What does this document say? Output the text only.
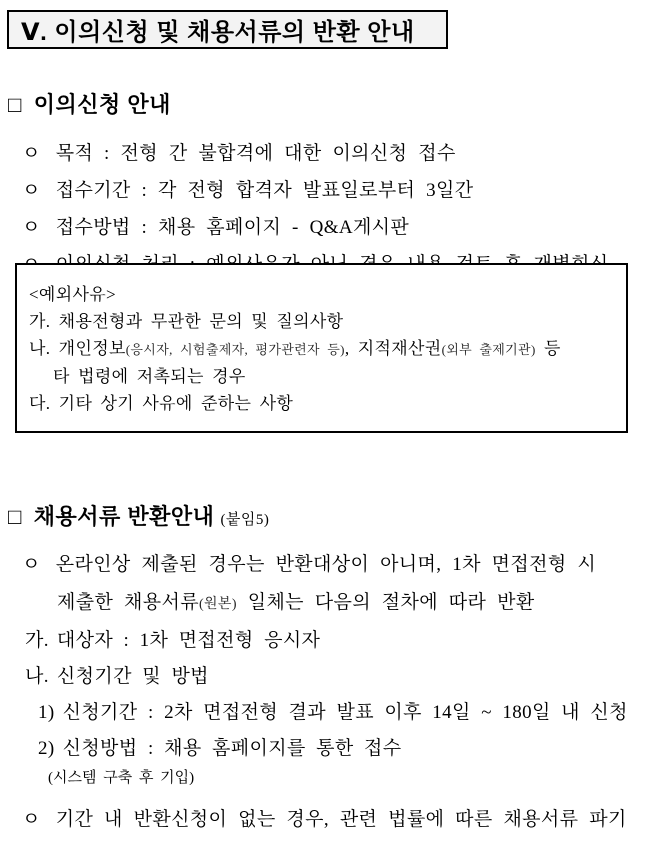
Ⅴ. 이의신청 및 채용서류의 반환 안내
□ 이의신청 안내
ㅇ 목적 : 전형 간 불합격에 대한 이의신청 접수
ㅇ 접수기간 : 각 전형 합격자 발표일로부터 3일간
ㅇ 접수방법 : 채용 홈페이지 - Q&A게시판
<예외사유>
가. 채용전형과 무관한 문의 및 질의사항
나. 개인정보(응시자, 시험출제자, 평가관련자 등), 지적재산권(외부 출제기관) 등
타 법령에 저촉되는 경우
다. 기타 상기 사유에 준하는 사항
□ 채용서류 반환안내 (붙임5)
ㅇ 온라인상 제출된 경우는 반환대상이 아니며, 1차 면접전형 시
제출한 채용서류(원본) 일체는 다음의 절차에 따라 반환
가. 대상자 : 1차 면접전형 응시자
나. 신청기간 및 방법
1) 신청기간 : 2차 면접전형 결과 발표 이후 14일 ~ 180일 내 신청
2) 신청방법 : 채용 홈페이지를 통한 접수
(시스템 구축 후 기입)
ㅇ 기간 내 반환신청이 없는 경우, 관련 법률에 따른 채용서류 파기
